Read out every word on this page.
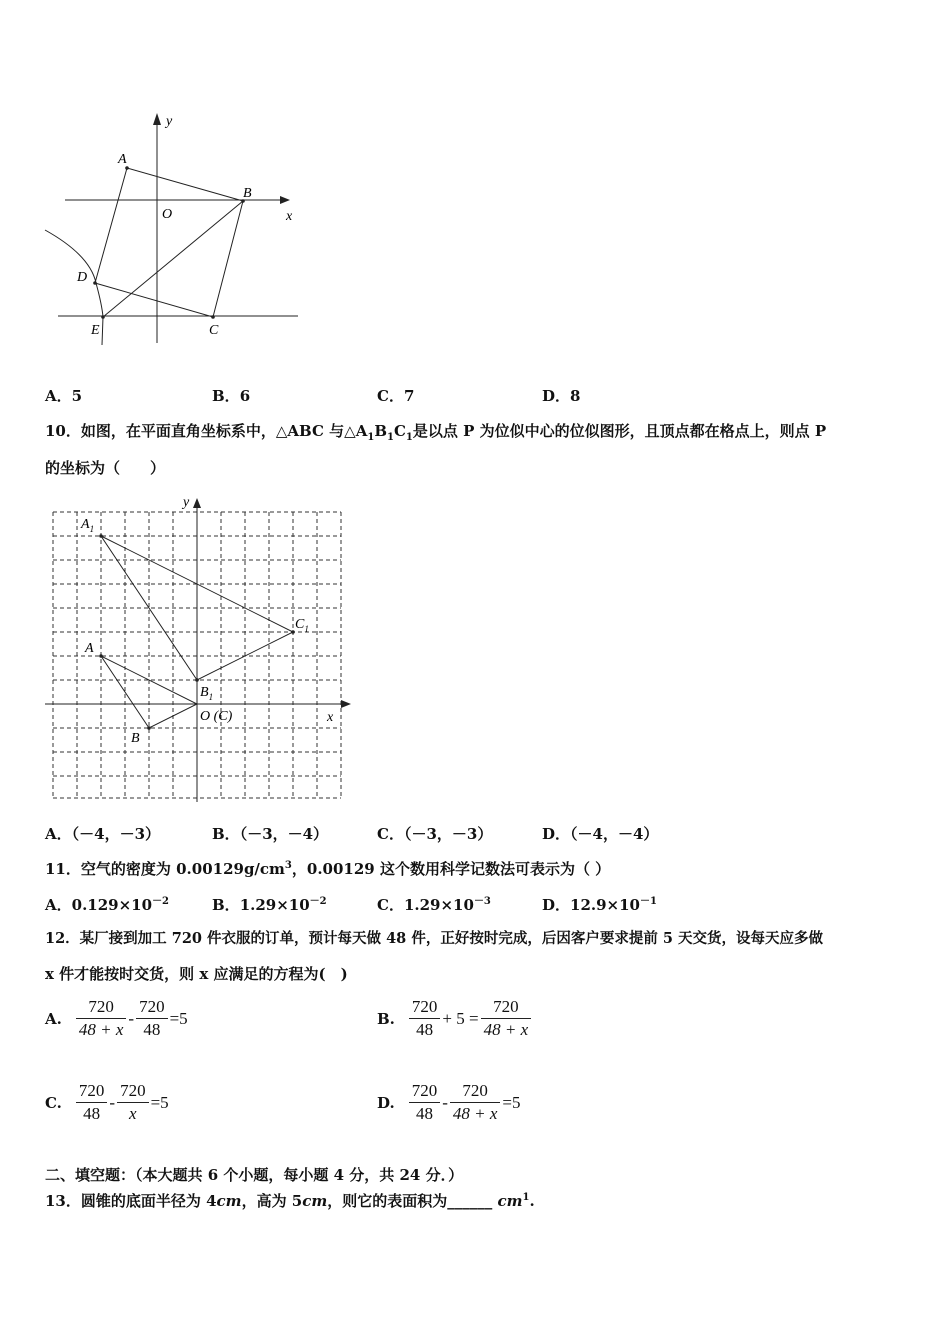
y
x
O
A
B
C
D
E
A．5	B．6	C．7	D．8
10．如图，在平面直角坐标系中，△ABC 与$\triangle A_1B_1C_1$是以点 P 为位似中心的位似图形，且顶点都在格点上，则点 P
的坐标为（　　）
y
x
$A_1$
$C_1$
$B_1$
A
B
O (C)
A．（－4，－3）	B．（－3，－4）	C．（－3，－3）	D．（－4，－4）
11．空气的密度为 $0.00129g/cm^3$，0.00129 这个数用科学记数法可表示为（ ）
A．$0.129\times 10^{-2}$	B．$1.29\times 10^{-2}$	C．$1.29\times 10^{-3}$	D．$12.9\times 10^{-1}$
12．某厂接到加工 720 件衣服的订单，预计每天做 48 件，正好按时完成，后因客户要求提前 5 天交货，设每天应多做
x 件才能按时交货，则 x 应满足的方程为(　)
A. $\frac{720}{48 + x} - \frac{720}{48} =5$	B. $\frac{720}{48} + 5 = \frac{720}{48 + x}$
C. $\frac{720}{48} - \frac{720}{x} =5$	D. $\frac{720}{48} - \frac{720}{48 + x} =5$
二、填空题：（本大题共 6 个小题，每小题 4 分，共 24 分．）
13．圆锥的底面半径为 4cm，高为 5cm，则它的表面积为______ $cm^1$.
